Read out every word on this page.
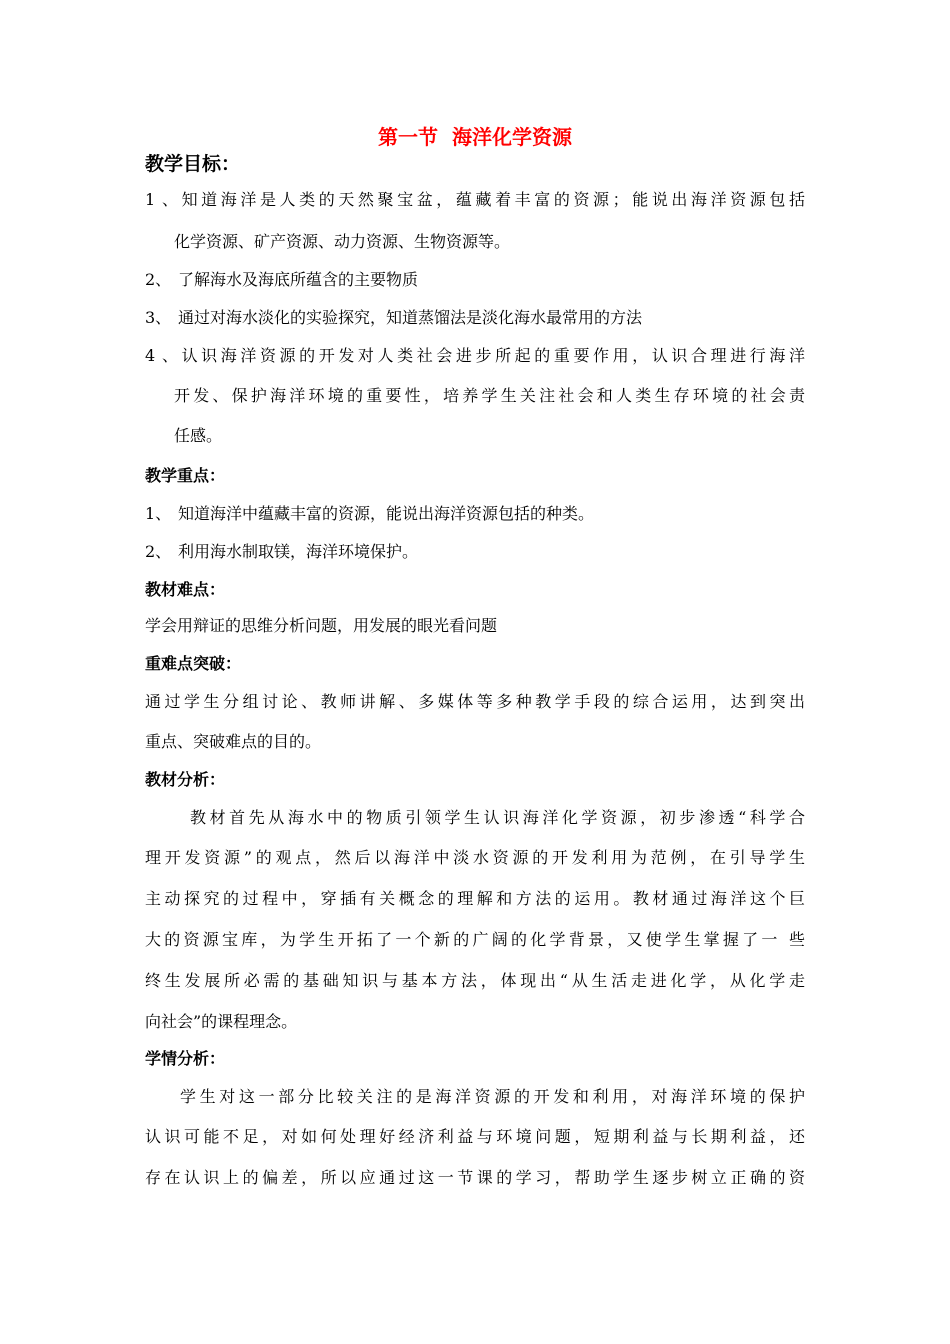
第一节  海洋化学资源
教学目标：
1、知道海洋是人类的天然聚宝盆，蕴藏着丰富的资源；能说出海洋资源包括
化学资源、矿产资源、动力资源、生物资源等。
2、 了解海水及海底所蕴含的主要物质
3、 通过对海水淡化的实验探究，知道蒸馏法是淡化海水最常用的方法
4、认识海洋资源的开发对人类社会进步所起的重要作用，认识合理进行海洋
开发、保护海洋环境的重要性，培养学生关注社会和人类生存环境的社会责
任感。
教学重点：
1、 知道海洋中蕴藏丰富的资源，能说出海洋资源包括的种类。
2、 利用海水制取镁，海洋环境保护。
教材难点：
学会用辩证的思维分析问题，用发展的眼光看问题
重难点突破：
通过学生分组讨论、教师讲解、多媒体等多种教学手段的综合运用，达到突出
重点、突破难点的目的。
教材分析：
教材首先从海水中的物质引领学生认识海洋化学资源，初步渗透“科学合
理开发资源”的观点，然后以海洋中淡水资源的开发利用为范例，在引导学生
主动探究的过程中，穿插有关概念的理解和方法的运用。教材通过海洋这个巨
大的资源宝库，为学生开拓了一个新的广阔的化学背景，又使学生掌握了一 些
终生发展所必需的基础知识与基本方法，体现出“从生活走进化学，从化学走
向社会”的课程理念。
学情分析：
学生对这一部分比较关注的是海洋资源的开发和利用，对海洋环境的保护
认识可能不足，对如何处理好经济利益与环境问题，短期利益与长期利益，还
存在认识上的偏差，所以应通过这一节课的学习，帮助学生逐步树立正确的资
